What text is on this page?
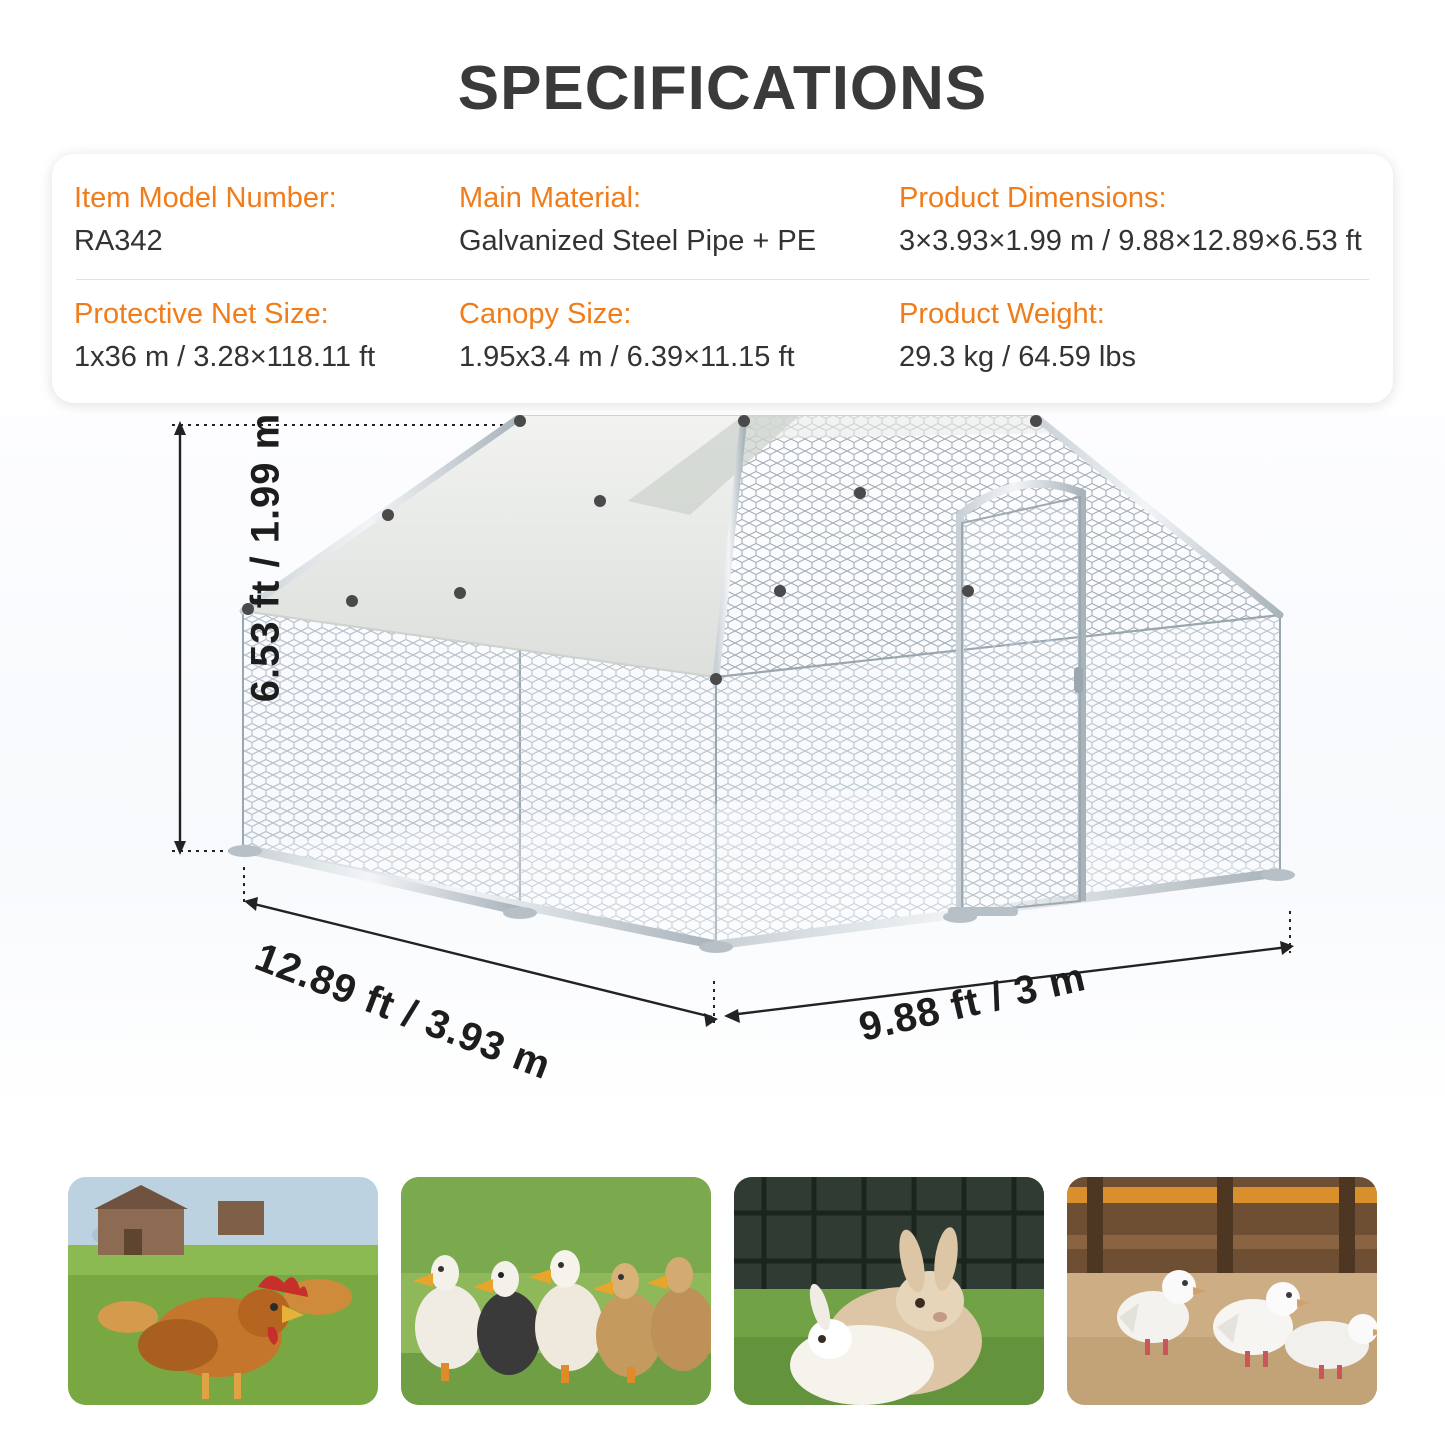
SPECIFICATIONS
Item Model Number:
RA342
Main Material:
Galvanized Steel Pipe + PE
Product Dimensions:
3×3.93×1.99 m / 9.88×12.89×6.53 ft
Protective Net Size:
1x36 m / 3.28×118.11 ft
Canopy Size:
1.95x3.4 m / 6.39×11.15 ft
Product Weight:
29.3 kg / 64.59 lbs
6.53 ft / 1.99 m
12.89 ft / 3.93 m	9.88 ft / 3 m
